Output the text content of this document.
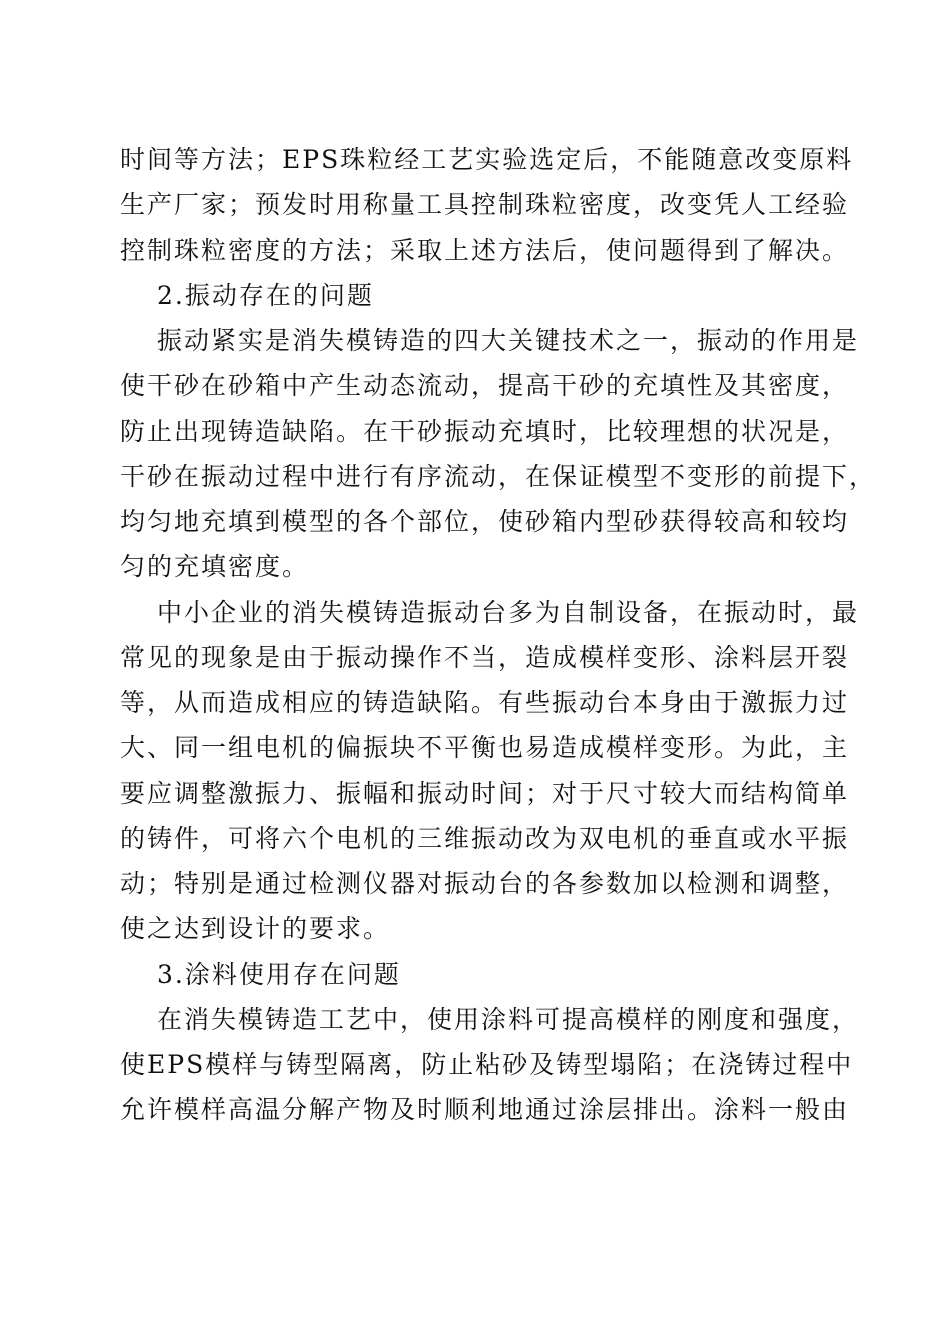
时间等方法；EPS珠粒经工艺实验选定后，不能随意改变原料
生产厂家；预发时用称量工具控制珠粒密度，改变凭人工经验
控制珠粒密度的方法；采取上述方法后，使问题得到了解决。
2.振动存在的问题
振动紧实是消失模铸造的四大关键技术之一，振动的作用是
使干砂在砂箱中产生动态流动，提高干砂的充填性及其密度，
防止出现铸造缺陷。在干砂振动充填时，比较理想的状况是，
干砂在振动过程中进行有序流动，在保证模型不变形的前提下，
均匀地充填到模型的各个部位，使砂箱内型砂获得较高和较均
匀的充填密度。
中小企业的消失模铸造振动台多为自制设备，在振动时，最
常见的现象是由于振动操作不当，造成模样变形、涂料层开裂
等，从而造成相应的铸造缺陷。有些振动台本身由于激振力过
大、同一组电机的偏振块不平衡也易造成模样变形。为此，主
要应调整激振力、振幅和振动时间；对于尺寸较大而结构简单
的铸件，可将六个电机的三维振动改为双电机的垂直或水平振
动；特别是通过检测仪器对振动台的各参数加以检测和调整，
使之达到设计的要求。
3.涂料使用存在问题
在消失模铸造工艺中，使用涂料可提高模样的刚度和强度，
使EPS模样与铸型隔离，防止粘砂及铸型塌陷；在浇铸过程中
允许模样高温分解产物及时顺利地通过涂层排出。涂料一般由
